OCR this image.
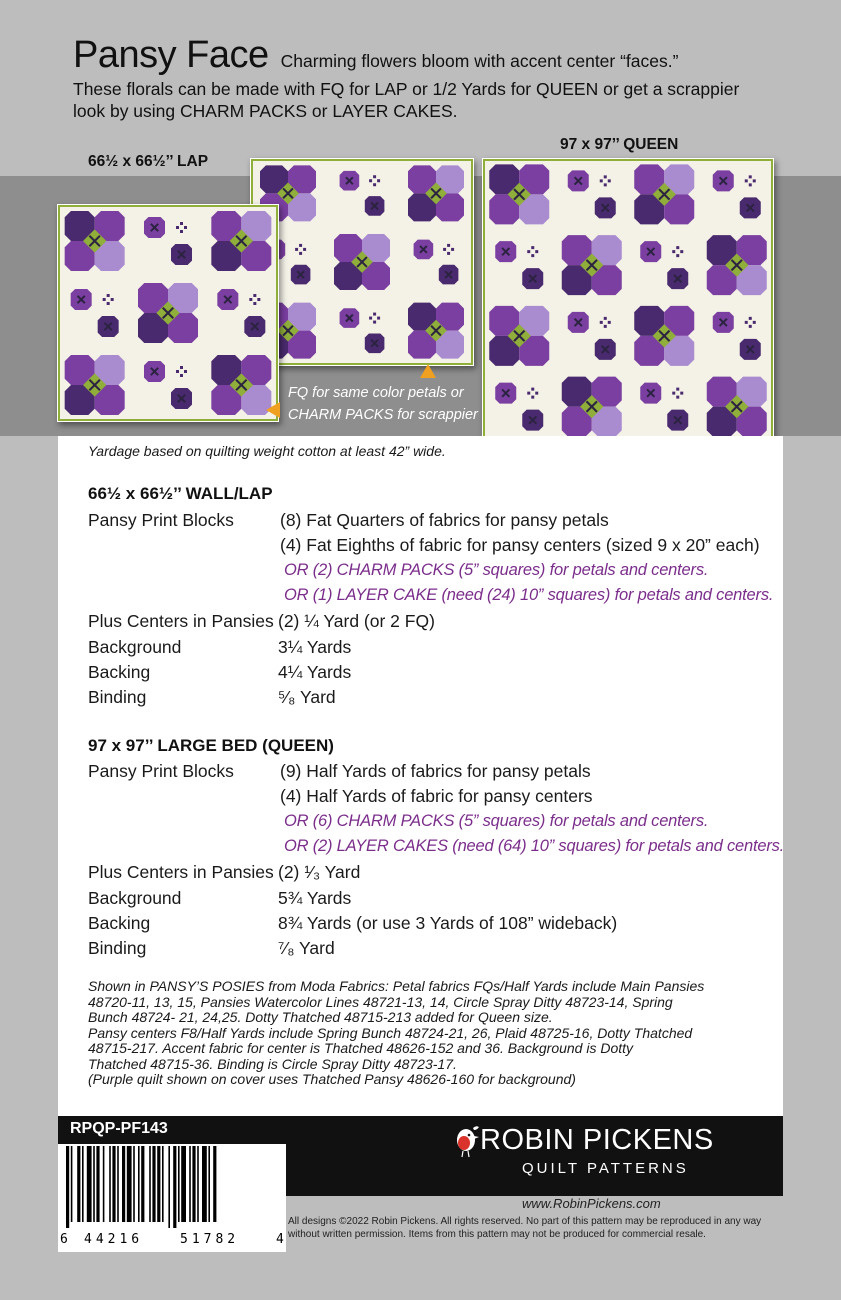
Pansy Face Charming flowers bloom with accent center “faces.”
These florals can be made with FQ for LAP or 1/2 Yards for QUEEN or get a scrappier
look by using CHARM PACKS or LAYER CAKES.
66½ x 66½’’ LAP
97 x 97’’ QUEEN
FQ for same color petals or
CHARM PACKS for scrappier
Yardage based on quilting weight cotton at least 42” wide.
66½ x 66½’’ WALL/LAP
Pansy Print Blocks	(8) Fat Quarters of fabrics for pansy petals
(4) Fat Eighths of fabric for pansy centers (sized 9 x 20” each)
OR (2) CHARM PACKS (5” squares) for petals and centers.
OR (1) LAYER CAKE (need (24) 10” squares) for petals and centers.
Plus Centers in Pansies (2) ¼ Yard (or 2 FQ)
Background	3¼ Yards
Backing	4¼ Yards
Binding	⁵⁄₈ Yard
97 x 97’’ LARGE BED (QUEEN)
Pansy Print Blocks	(9) Half Yards of fabrics for pansy petals
(4) Half Yards of fabric for pansy centers
OR (6) CHARM PACKS (5” squares) for petals and centers.
OR (2) LAYER CAKES (need (64) 10” squares) for petals and centers.
Plus Centers in Pansies (2) ¹⁄₃ Yard
Background	5¾ Yards
Backing	8¾ Yards (or use 3 Yards of 108” wideback)
Binding	⁷⁄₈ Yard
Shown in PANSY’S POSIES from Moda Fabrics: Petal fabrics FQs/Half Yards include Main Pansies
48720-11, 13, 15, Pansies Watercolor Lines 48721-13, 14, Circle Spray Ditty 48723-14, Spring
Bunch 48724- 21, 24,25. Dotty Thatched 48715-213 added for Queen size.
Pansy centers F8/Half Yards include Spring Bunch 48724-21, 26, Plaid 48725-16, Dotty Thatched
48715-217. Accent fabric for center is Thatched 48626-152 and 36. Background is Dotty
Thatched 48715-36. Binding is Circle Spray Ditty 48723-17.
(Purple quilt shown on cover uses Thatched Pansy 48626-160 for background)
RPQP-PF143	ROBIN PICKENS
QUILT PATTERNS
6 44216	51782	4
www.RobinPickens.com
All designs ©2022 Robin Pickens. All rights reserved. No part of this pattern may be reproduced in any way
without written permission. Items from this pattern may not be produced for commercial resale.
